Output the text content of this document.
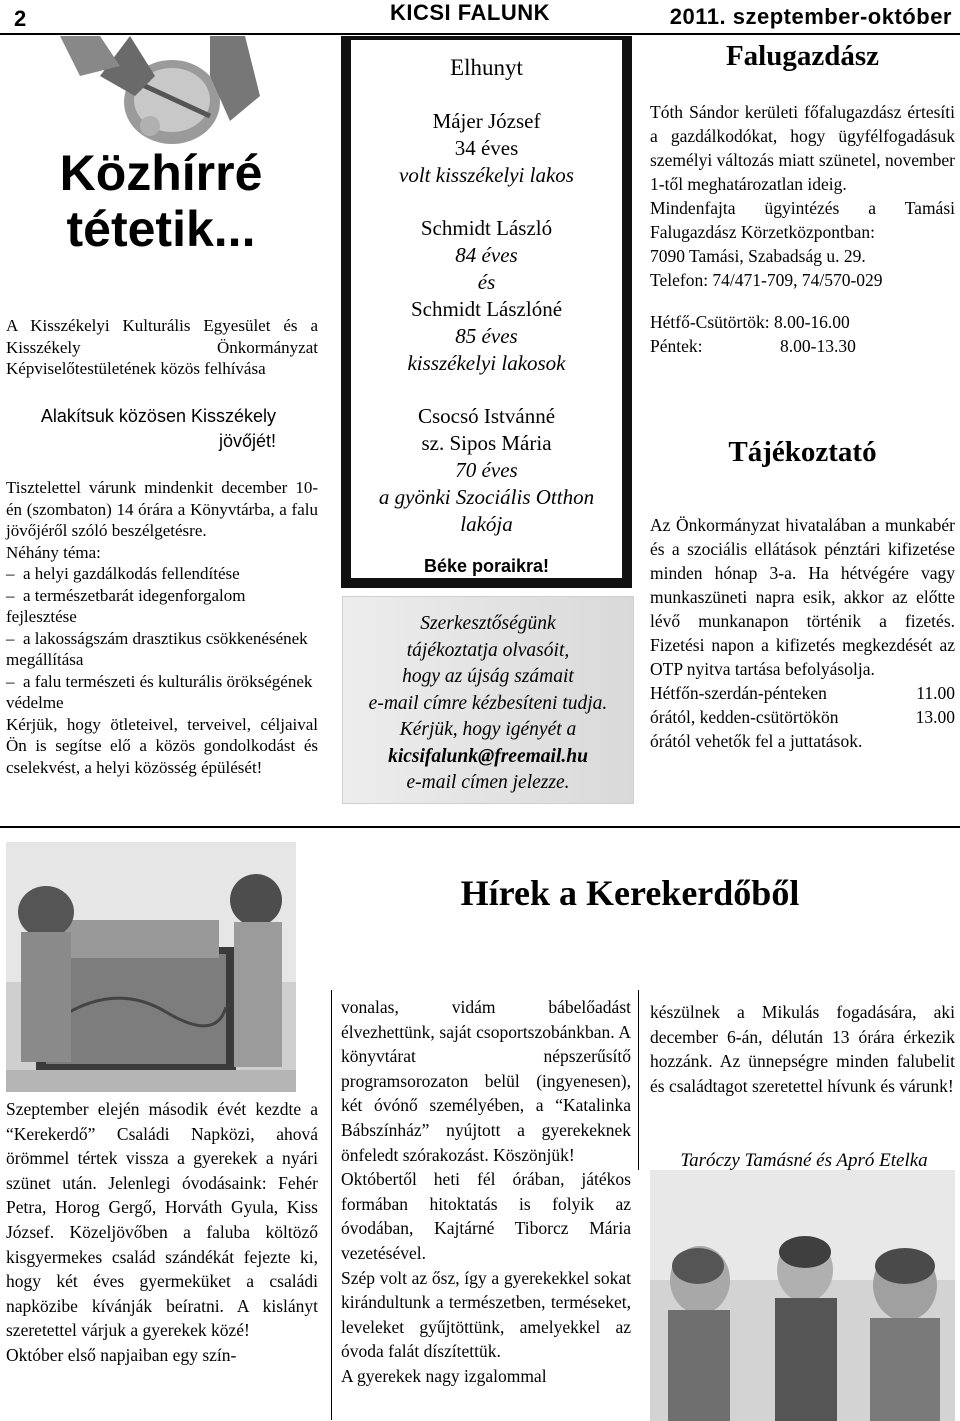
2	KICSI FALUNK	2011. szeptember-október
Közhírré
tétetik...
A Kisszékelyi Kulturális Egyesület és a Kisszékely Önkormányzat Képviselőtestületének közös felhívása
Alakítsuk közösen Kisszékely jövőjét!

Tisztelettel várunk mindenkit december 10-én (szombaton) 14 órára a Könyvtárba, a falu jövőjéről szóló beszélgetésre.

Néhány téma:

–  a helyi gazdálkodás fellendítése

–  a természetbarát idegenforgalom fejlesztése

–  a lakosságszám drasztikus csökkenésének megállítása

–  a falu természeti és kulturális örökségének védelme

Kérjük, hogy ötleteivel, terveivel, céljaival Ön is segítse elő a közös gondolkodást és cselekvést, a helyi közösség épülését!

Elhunyt
Májer József
34 éves
volt kisszékelyi lakos
Schmidt László
84 éves
és
Schmidt Lászlóné
85 éves
kisszékelyi lakosok
Csocsó Istvánné
sz. Sipos Mária
70 éves
a gyönki Szociális Otthon lakója
Béke poraikra!
Szerkesztőségünk
tájékoztatja olvasóit,
hogy az újság számait
e-mail címre kézbesíteni tudja.
Kérjük, hogy igényét a
kicsifalunk@freemail.hu
e-mail címen jelezze.
Falugazdász

Tóth Sándor kerületi főfalugazdász értesíti a gazdálkodókat, hogy ügyfélfogadásuk személyi változás miatt szünetel, november 1-től meghatározatlan ideig.

Mindenfajta ügyintézés a Tamási Falugazdász Körzetközpontban:

7090 Tamási, Szabadság u. 29.

Telefon: 74/471-709, 74/570-029

Hétfő-Csütörtök: 8.00-16.00

Péntek:	8.00-13.30

Tájékoztató

Az Önkormányzat hivatalában a munkabér és a szociális ellátások pénztári kifizetése minden hónap 3-a. Ha hétvégére vagy munkaszüneti napra esik, akkor az előtte lévő munkanapon történik a fizetés. Fizetési napon a kifizetés megkezdését az OTP nyitva tartása befolyásolja.

Hétfőn-szerdán-pénteken	11.00

órától, kedden-csütörtökön	13.00

órától vehetők fel a juttatások.

Hírek a Kerekerdőből

Szeptember elején második évét kezdte a “Kerekerdő” Családi Napközi, ahová örömmel tértek vissza a gyerekek a nyári szünet után. Jelenlegi óvodásaink: Fehér Petra, Horog Gergő, Horváth Gyula, Kiss József. Közeljövőben a faluba költöző kisgyermekes család szándékát fejezte ki, hogy két éves gyermeküket a családi napközibe kívánják beíratni. A kislányt szeretettel várjuk a gyerekek közé!

Október első napjaiban egy szín-

vonalas, vidám bábelőadást élvezhettünk, saját csoportszobánkban. A könyvtárat népszerűsítő programsorozaton belül (ingyenesen), két óvónő személyében, a “Katalinka Bábszínház” nyújtott a gyerekeknek önfeledt szórakozást. Köszönjük!

Októbertől heti fél órában, játékos formában hitoktatás is folyik az óvodában, Kajtárné Tiborcz Mária vezetésével.

Szép volt az ősz, így a gyerekekkel sokat kirándultunk a természetben, terméseket, leveleket gyűjtöttünk, amelyekkel az óvoda falát díszítettük.

A gyerekek nagy izgalommal

készülnek a Mikulás fogadására, aki december 6-án, délután 13 órára érkezik hozzánk. Az ünnepségre minden falubelit és családtagot szeretettel hívunk és várunk!

Taróczy Tamásné és Apró Etelka
